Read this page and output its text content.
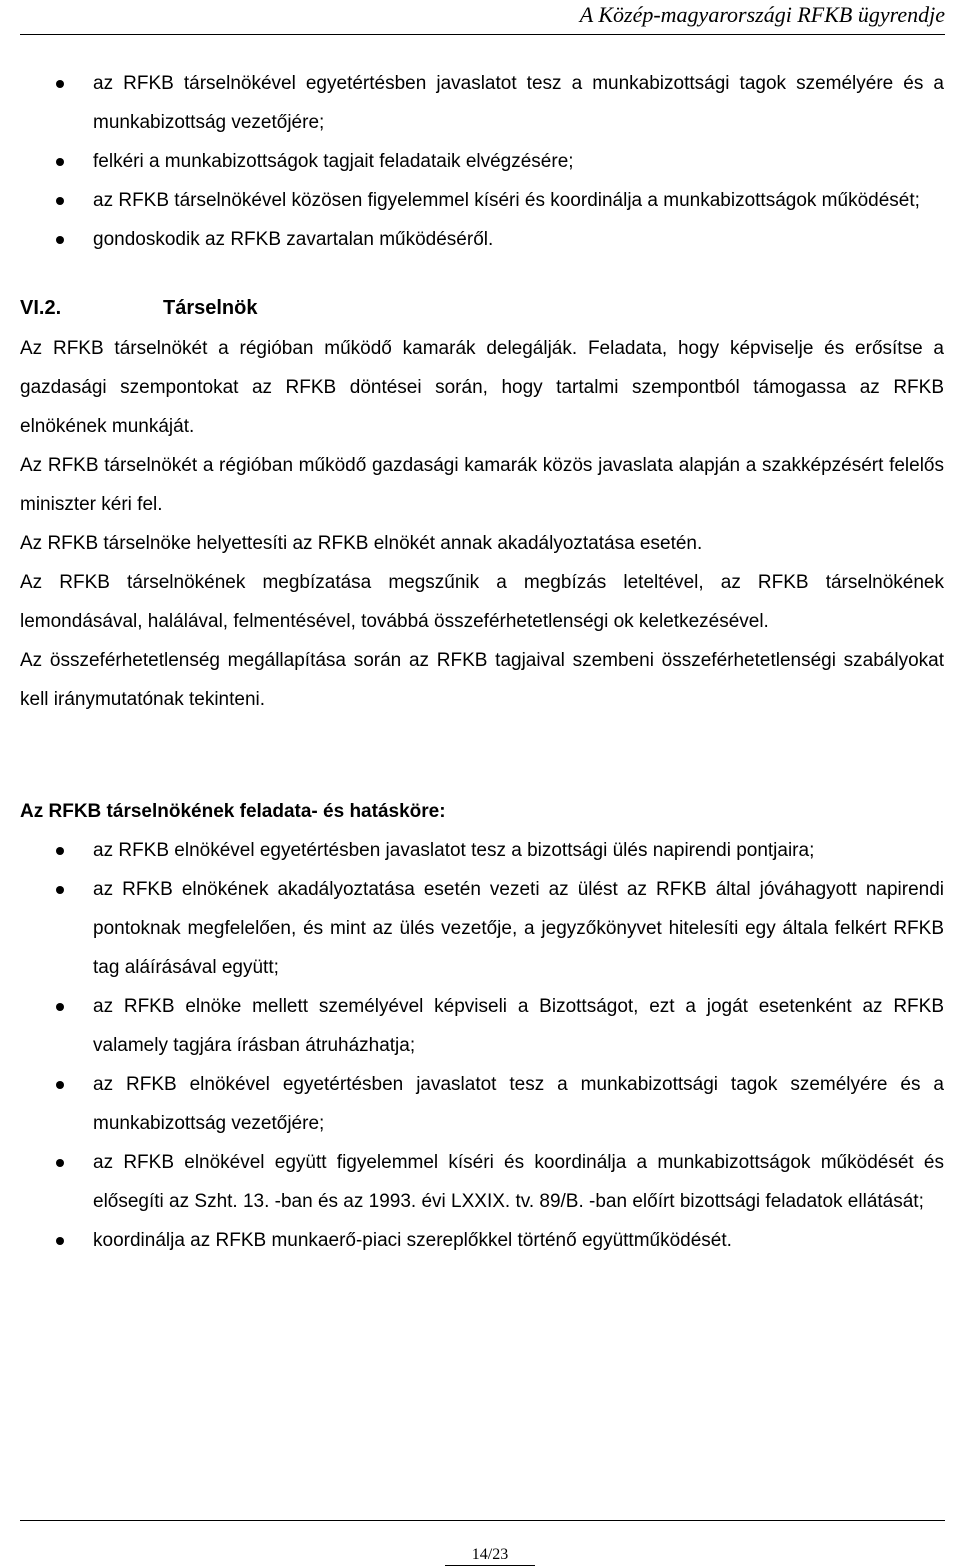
A Közép-magyarországi RFKB ügyrendje
az RFKB társelnökével egyetértésben javaslatot tesz a munkabizottsági tagok személyére és a munkabizottság vezetőjére;
felkéri a munkabizottságok tagjait feladataik elvégzésére;
az RFKB társelnökével közösen figyelemmel kíséri és koordinálja a munkabizottságok működését;
gondoskodik az RFKB zavartalan működéséről.
VI.2.	Társelnök

Az RFKB társelnökét a régióban működő kamarák delegálják. Feladata, hogy képviselje és erősítse a gazdasági szempontokat az RFKB döntései során, hogy tartalmi szempontból támogassa az RFKB elnökének munkáját.

Az RFKB társelnökét a régióban működő gazdasági kamarák közös javaslata alapján a szakképzésért felelős miniszter kéri fel.

Az RFKB társelnöke helyettesíti az RFKB elnökét annak akadályoztatása esetén.

Az RFKB társelnökének megbízatása megszűnik a megbízás leteltével, az RFKB társelnökének lemondásával, halálával, felmentésével, továbbá összeférhetetlenségi ok keletkezésével.

Az összeférhetetlenség megállapítása során az RFKB tagjaival szembeni összeférhetetlenségi szabályokat kell iránymutatónak tekinteni.

Az RFKB társelnökének feladata- és hatásköre:
az RFKB elnökével egyetértésben javaslatot tesz a bizottsági ülés napirendi pontjaira;
az RFKB elnökének akadályoztatása esetén vezeti az ülést az RFKB által jóváhagyott napirendi pontoknak megfelelően, és mint az ülés vezetője, a jegyzőkönyvet hitelesíti egy általa felkért RFKB tag aláírásával együtt;
az RFKB elnöke mellett személyével képviseli a Bizottságot, ezt a jogát esetenként az RFKB valamely tagjára írásban átruházhatja;
az RFKB elnökével egyetértésben javaslatot tesz a munkabizottsági tagok személyére és a munkabizottság vezetőjére;
az RFKB elnökével együtt figyelemmel kíséri és koordinálja a munkabizottságok működését és elősegíti az Szht. 13. -ban és az 1993. évi LXXIX. tv. 89/B. -ban előírt bizottsági feladatok ellátását;
koordinálja az RFKB munkaerő-piaci szereplőkkel történő együttműködését.
14/23
